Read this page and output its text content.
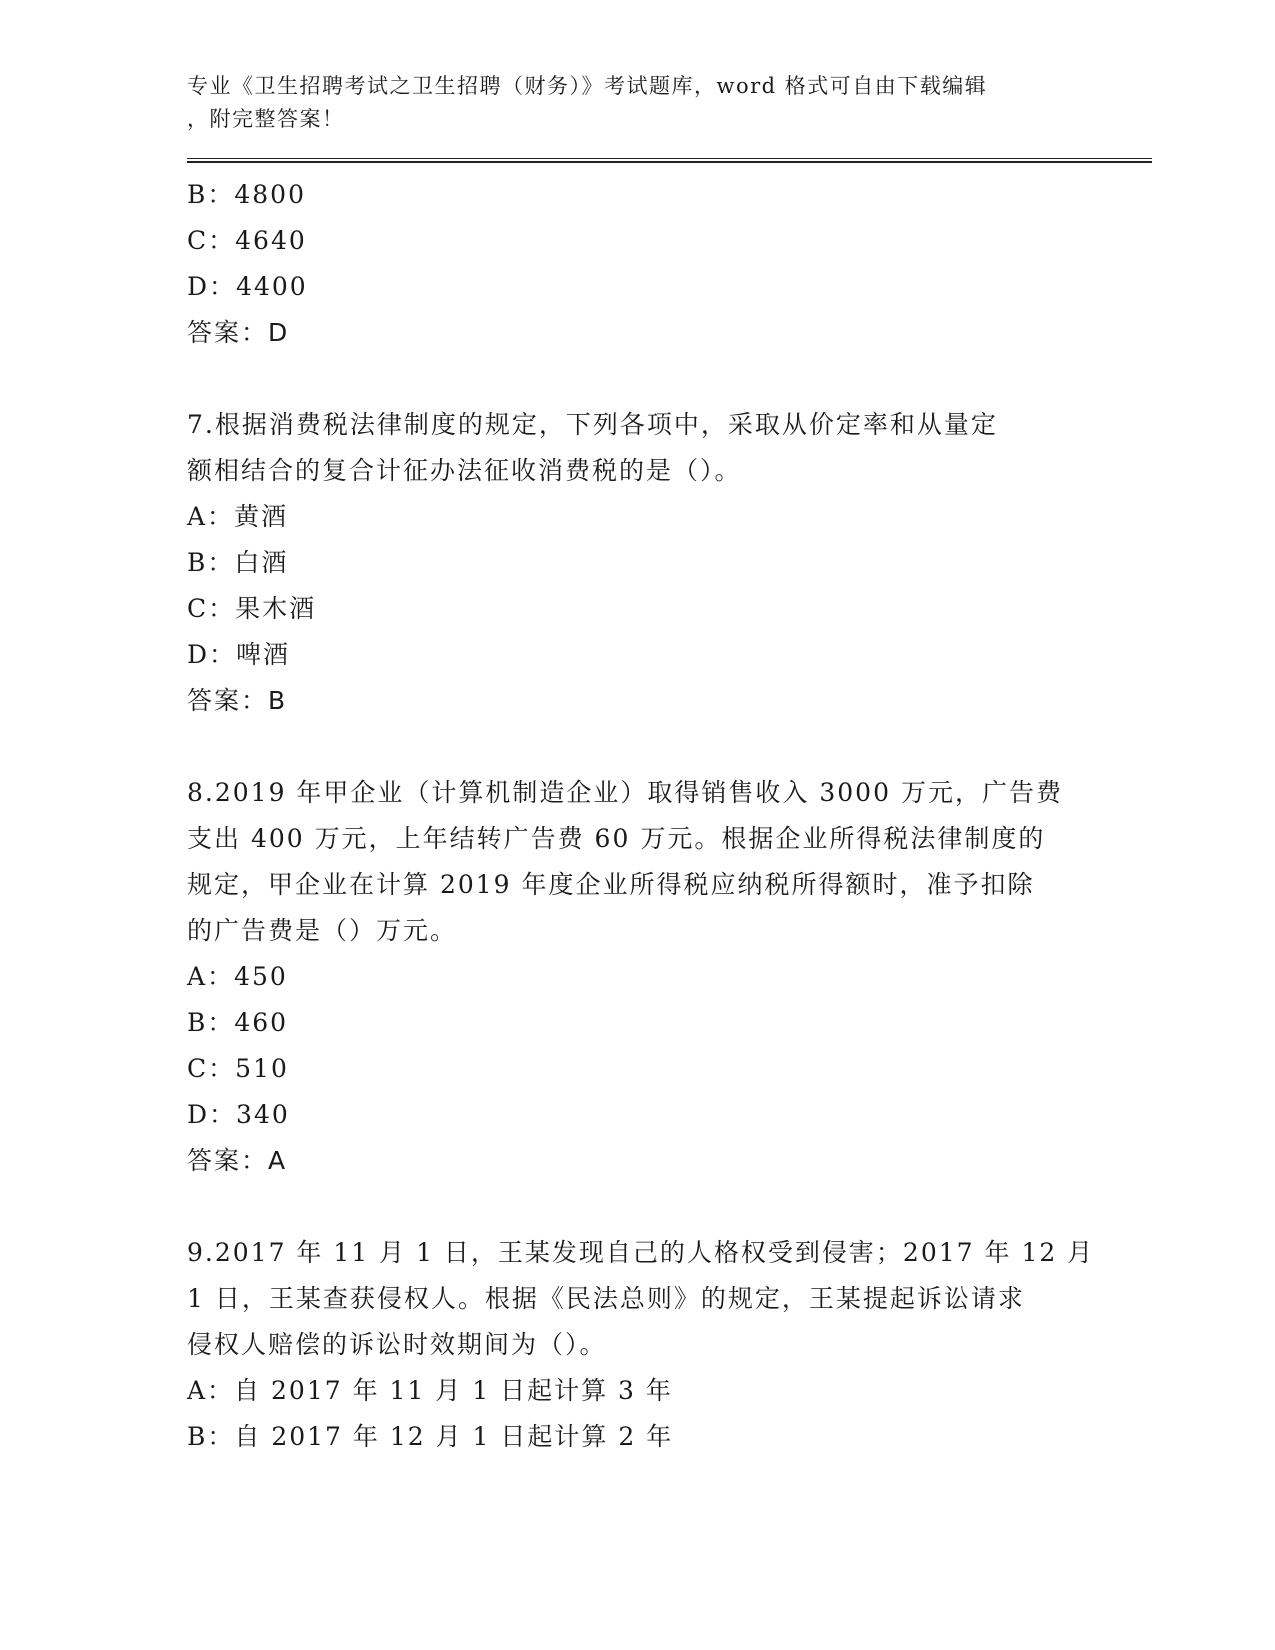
专业《卫生招聘考试之卫生招聘（财务）》考试题库，word 格式可自由下载编辑
，附完整答案！
B：4800
C：4640
D：4400
答案：D
7.根据消费税法律制度的规定，下列各项中，采取从价定率和从量定
额相结合的复合计征办法征收消费税的是（）。
A：黄酒
B：白酒
C：果木酒
D：啤酒
答案：B
8.2019 年甲企业（计算机制造企业）取得销售收入 3000 万元，广告费
支出 400 万元，上年结转广告费 60 万元。根据企业所得税法律制度的
规定，甲企业在计算 2019 年度企业所得税应纳税所得额时，准予扣除
的广告费是（）万元。
A：450
B：460
C：510
D：340
答案：A
9.2017 年 11 月 1 日，王某发现自己的人格权受到侵害；2017 年 12 月
1 日，王某查获侵权人。根据《民法总则》的规定，王某提起诉讼请求
侵权人赔偿的诉讼时效期间为（）。
A：自 2017 年 11 月 1 日起计算 3 年
B：自 2017 年 12 月 1 日起计算 2 年
